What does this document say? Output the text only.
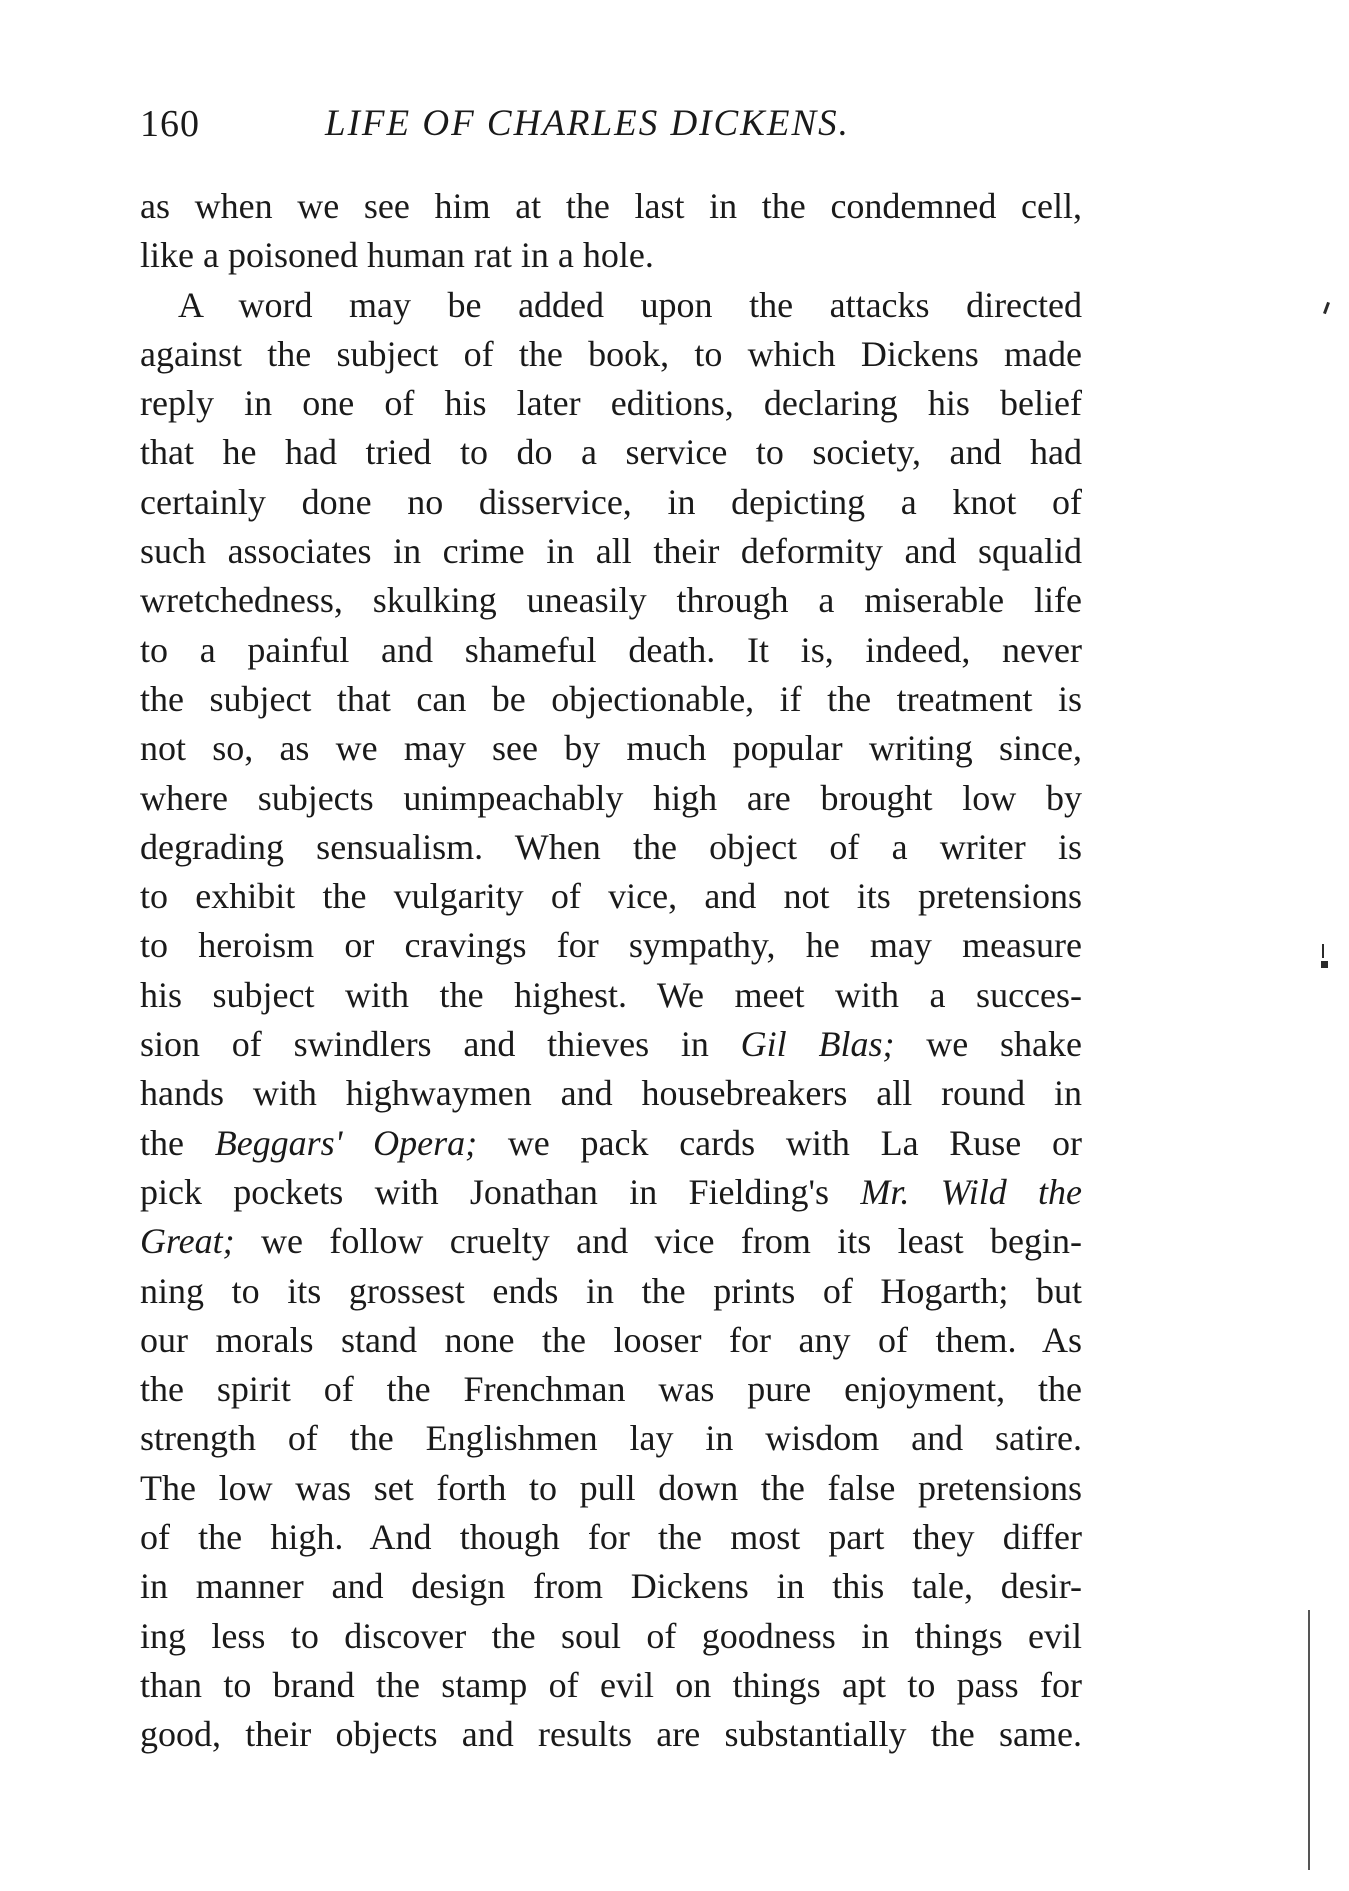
160	LIFE OF CHARLES DICKENS.
as when we see him at the last in the condemned cell,
like a poisoned human rat in a hole.
A word may be added upon the attacks directed
against the subject of the book, to which Dickens made
reply in one of his later editions, declaring his belief
that he had tried to do a service to society, and had
certainly done no disservice, in depicting a knot of
such associates in crime in all their deformity and squalid
wretchedness, skulking uneasily through a miserable life
to a painful and shameful death. It is, indeed, never
the subject that can be objectionable, if the treatment is
not so, as we may see by much popular writing since,
where subjects unimpeachably high are brought low by
degrading sensualism. When the object of a writer is
to exhibit the vulgarity of vice, and not its pretensions
to heroism or cravings for sympathy, he may measure
his subject with the highest. We meet with a succes-
sion of swindlers and thieves in Gil Blas; we shake
hands with highwaymen and housebreakers all round in
the Beggars' Opera; we pack cards with La Ruse or
pick pockets with Jonathan in Fielding's Mr. Wild the
Great; we follow cruelty and vice from its least begin-
ning to its grossest ends in the prints of Hogarth; but
our morals stand none the looser for any of them. As
the spirit of the Frenchman was pure enjoyment, the
strength of the Englishmen lay in wisdom and satire.
The low was set forth to pull down the false pretensions
of the high. And though for the most part they differ
in manner and design from Dickens in this tale, desir-
ing less to discover the soul of goodness in things evil
than to brand the stamp of evil on things apt to pass for
good, their objects and results are substantially the same.
